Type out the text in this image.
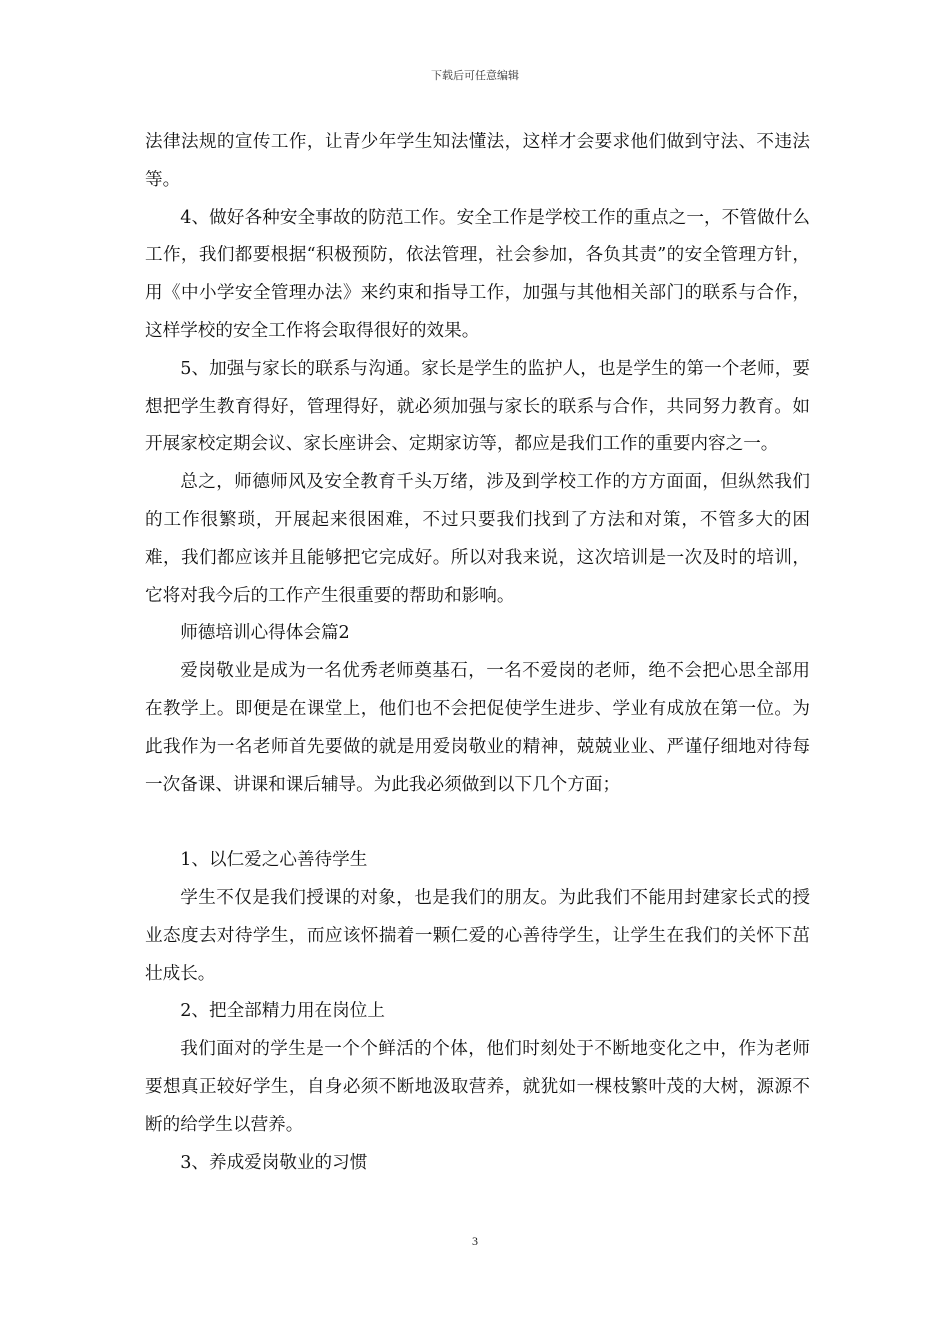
下载后可任意编辑

法律法规的宣传工作，让青少年学生知法懂法，这样才会要求他们做到守法、不违法等。

4、做好各种安全事故的防范工作。安全工作是学校工作的重点之一，不管做什么工作，我们都要根据“积极预防，依法管理，社会参加，各负其责”的安全管理方针，用《中小学安全管理办法》来约束和指导工作，加强与其他相关部门的联系与合作，这样学校的安全工作将会取得很好的效果。

5、加强与家长的联系与沟通。家长是学生的监护人，也是学生的第一个老师，要想把学生教育得好，管理得好，就必须加强与家长的联系与合作，共同努力教育。如开展家校定期会议、家长座讲会、定期家访等，都应是我们工作的重要内容之一。

总之，师德师风及安全教育千头万绪，涉及到学校工作的方方面面，但纵然我们的工作很繁琐，开展起来很困难，不过只要我们找到了方法和对策，不管多大的困难，我们都应该并且能够把它完成好。所以对我来说，这次培训是一次及时的培训，它将对我今后的工作产生很重要的帮助和影响。

师德培训心得体会篇2

爱岗敬业是成为一名优秀老师奠基石，一名不爱岗的老师，绝不会把心思全部用在教学上。即便是在课堂上，他们也不会把促使学生进步、学业有成放在第一位。为此我作为一名老师首先要做的就是用爱岗敬业的精神，兢兢业业、严谨仔细地对待每一次备课、讲课和课后辅导。为此我必须做到以下几个方面；

1、以仁爱之心善待学生

学生不仅是我们授课的对象，也是我们的朋友。为此我们不能用封建家长式的授业态度去对待学生，而应该怀揣着一颗仁爱的心善待学生，让学生在我们的关怀下茁壮成长。

2、把全部精力用在岗位上

我们面对的学生是一个个鲜活的个体，他们时刻处于不断地变化之中，作为老师要想真正较好学生，自身必须不断地汲取营养，就犹如一棵枝繁叶茂的大树，源源不断的给学生以营养。

3、养成爱岗敬业的习惯

3
